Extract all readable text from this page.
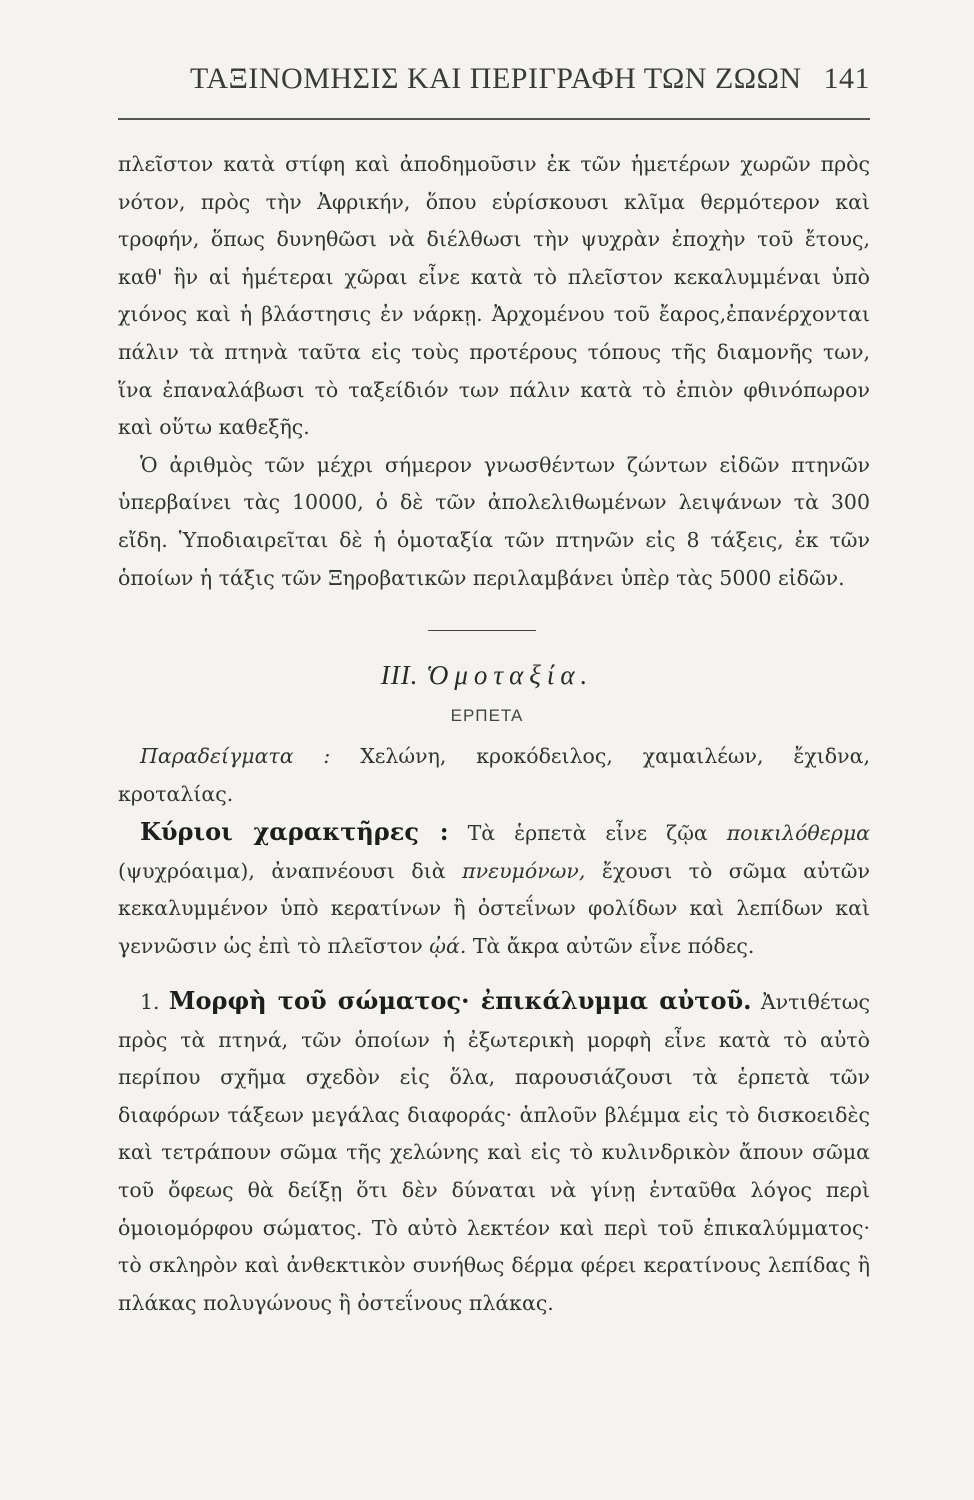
ΤΑΞΙΝΟΜΗΣΙΣ ΚΑΙ ΠΕΡΙΓΡΑΦΗ ΤΩΝ ΖΩΩΝ 141

πλεῖστον κατὰ στίφη καὶ ἀποδημοῦσιν ἐκ τῶν ἡμετέρων χωρῶν πρὸς νότον, πρὸς τὴν Ἀφρικήν, ὅπου εὑρίσκουσι κλῖμα θερμότερον καὶ τροφήν, ὅπως δυνηθῶσι νὰ διέλθωσι τὴν ψυχρὰν ἐποχὴν τοῦ ἔτους, καθ' ἣν αἱ ἡμέτεραι χῶραι εἶνε κατὰ τὸ πλεῖστον κεκαλυμμέναι ὑπὸ χιόνος καὶ ἡ βλάστησις ἐν νάρκῃ. Ἀρχομένου τοῦ ἔαρος,ἐπανέρχονται πάλιν τὰ πτηνὰ ταῦτα εἰς τοὺς προτέρους τόπους τῆς διαμονῆς των, ἵνα ἐπαναλάβωσι τὸ ταξείδιόν των πάλιν κατὰ τὸ ἐπιὸν φθινόπωρον καὶ οὕτω καθεξῆς.

Ὁ ἀριθμὸς τῶν μέχρι σήμερον γνωσθέντων ζώντων εἰδῶν πτηνῶν ὑπερβαίνει τὰς 10000, ὁ δὲ τῶν ἀπολελιθωμένων λειψάνων τὰ 300 εἴδη. Ὑποδιαιρεῖται δὲ ἡ ὁμοταξία τῶν πτηνῶν εἰς 8 τάξεις, ἐκ τῶν ὁποίων ἡ τάξις τῶν Ξηροβατικῶν περιλαμβάνει ὑπὲρ τὰς 5000 εἰδῶν.

III. Ὁμοταξία.
ΕΡΠΕΤΑ

Παραδείγματα : Χελώνη, κροκόδειλος, χαμαιλέων, ἔχιδνα, κροταλίας.

Κύριοι χαρακτῆρες : Τὰ ἑρπετὰ εἶνε ζῷα ποικιλόθερμα (ψυχρόαιμα), ἀναπνέουσι διὰ πνευμόνων, ἔχουσι τὸ σῶμα αὐτῶν κεκαλυμμένον ὑπὸ κερατίνων ἢ ὀστεΐνων φολίδων καὶ λεπίδων καὶ γεννῶσιν ὡς ἐπὶ τὸ πλεῖστον ᾠά. Τὰ ἄκρα αὐτῶν εἶνε πόδες.

1. Μορφὴ τοῦ σώματος· ἐπικάλυμμα αὐτοῦ. Ἀντιθέτως πρὸς τὰ πτηνά, τῶν ὁποίων ἡ ἐξωτερικὴ μορφὴ εἶνε κατὰ τὸ αὐτὸ περίπου σχῆμα σχεδὸν εἰς ὅλα, παρουσιάζουσι τὰ ἑρπετὰ τῶν διαφόρων τάξεων μεγάλας διαφοράς· ἁπλοῦν βλέμμα εἰς τὸ δισκοειδὲς καὶ τετράπουν σῶμα τῆς χελώνης καὶ εἰς τὸ κυλινδρικὸν ἄπουν σῶμα τοῦ ὄφεως θὰ δείξῃ ὅτι δὲν δύναται νὰ γίνῃ ἐνταῦθα λόγος περὶ ὁμοιομόρφου σώματος. Τὸ αὐτὸ λεκτέον καὶ περὶ τοῦ ἐπικαλύμματος· τὸ σκληρὸν καὶ ἀνθεκτικὸν συνήθως δέρμα φέρει κερατίνους λεπίδας ἢ πλάκας πολυγώνους ἢ ὀστεΐνους πλάκας.
